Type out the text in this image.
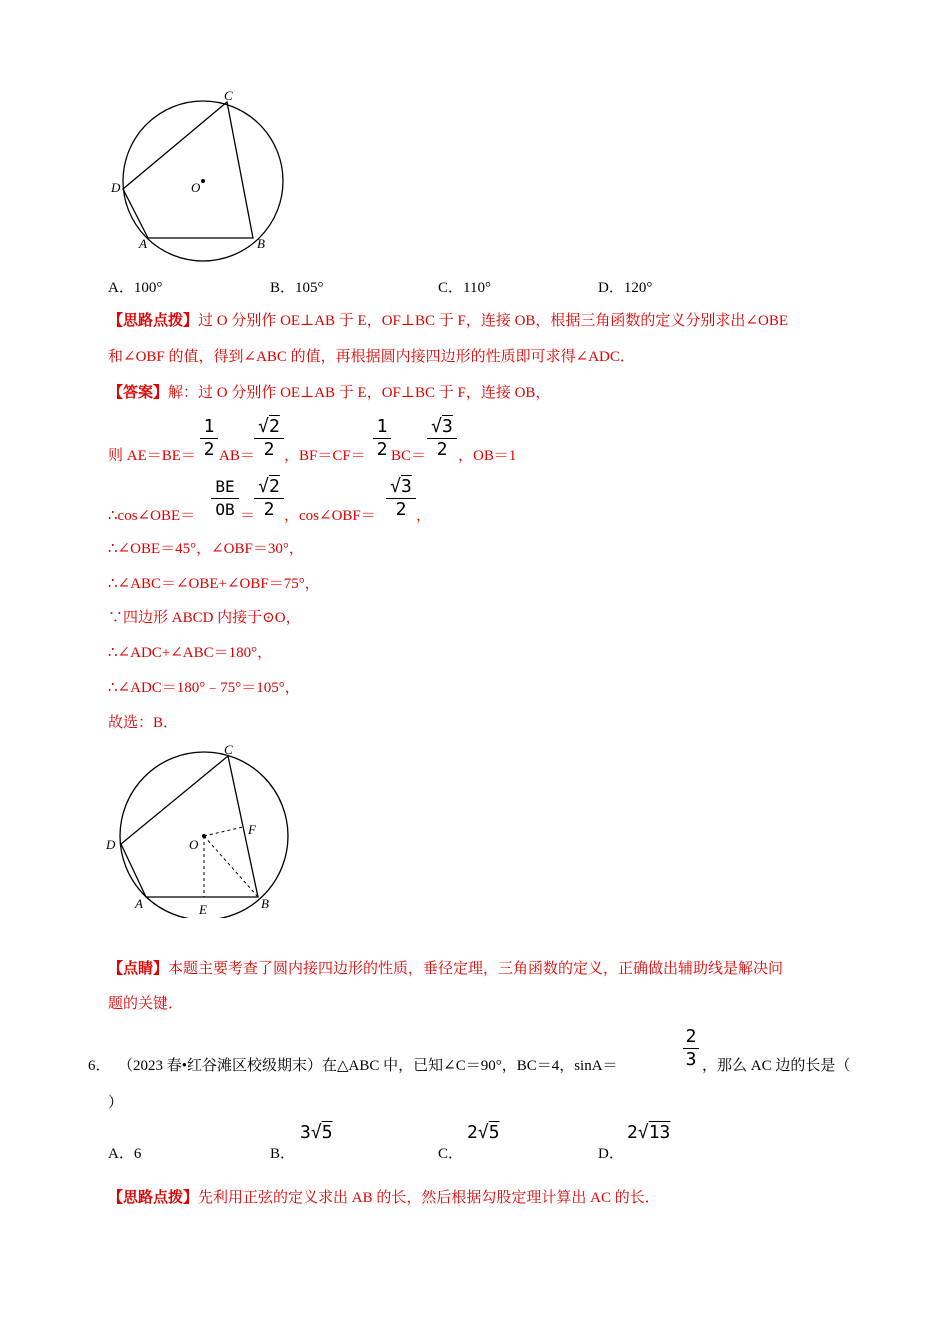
C
D	O
A	B
A．100°	B．105°	C．110°	D．120°
【思路点拨】过 O 分别作 OE⊥AB 于 E，OF⊥BC 于 F，连接 OB，根据三角函数的定义分别求出∠OBE
和∠OBF 的值，得到∠ABC 的值，再根据圆内接四边形的性质即可求得∠ADC．
【答案】解：过 O 分别作 OE⊥AB 于 E，OF⊥BC 于 F，连接 OB，
则 AE＝BE＝
1
2 AB＝
√2
2 ，BF＝CF＝
1
2 BC＝
√3
2 ，OB＝1
∴cos∠OBE＝
BE
OB ＝
√2
2 ，cos∠OBF＝
√3
2 ，
∴∠OBE＝45°，∠OBF＝30°，
∴∠ABC＝∠OBE+∠OBF＝75°，
∵四边形 ABCD 内接于⊙O，
∴∠ADC+∠ABC＝180°，
∴∠ADC＝180°﹣75°＝105°，
故选：B．
C
D	O
F
A	E	B
【点睛】本题主要考查了圆内接四边形的性质，垂径定理，三角函数的定义，正确做出辅助线是解决问
题的关键．
6． （2023 春•红谷滩区校级期末）在△ABC 中，已知∠C＝90°，BC＝4，sinA＝
2
3 ，那么 AC 边的长是（
）
A．6	B．
3√5
C．
2√5
D．
2√13
【思路点拨】先利用正弦的定义求出 AB 的长，然后根据勾股定理计算出 AC 的长．
